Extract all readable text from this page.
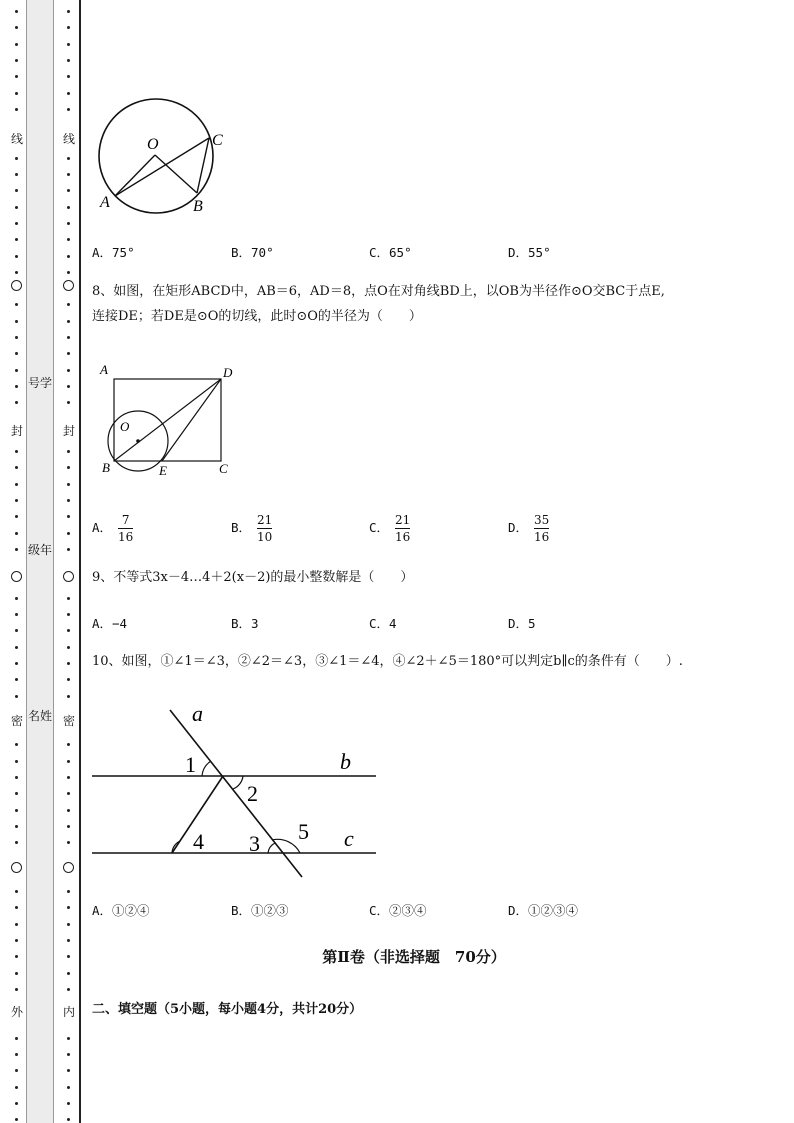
线
封
密
外
号学
级年
名姓
线
封
密
内
O	C
A	B
A．75°	B．70°	C．65°	D．55°
8、如图，在矩形ABCD中，AB＝6，AD＝8，点O在对角线BD上，以OB为半径作⊙O交BC于点E,
连接DE；若DE是⊙O的切线，此时⊙O的半径为（　　）
A	D
O
B	E	C
A． $\frac{7}{16}$	B． $\frac{21}{10}$	C． $\frac{21}{16}$	D． $\frac{35}{16}$
9、不等式3x－4…4＋2(x－2)的最小整数解是（　　）
A．−4	B．3	C．4	D．5
10、如图，①∠1＝∠3，②∠2＝∠3，③∠1＝∠4，④∠2＋∠5＝180°可以判定b∥c的条件有（　　）.
a
b
c
1
2
3
4	5
A．①②④	B．①②③	C．②③④	D．①②③④
第Ⅱ卷（非选择题　70分）
二、填空题（5小题，每小题4分，共计20分）
